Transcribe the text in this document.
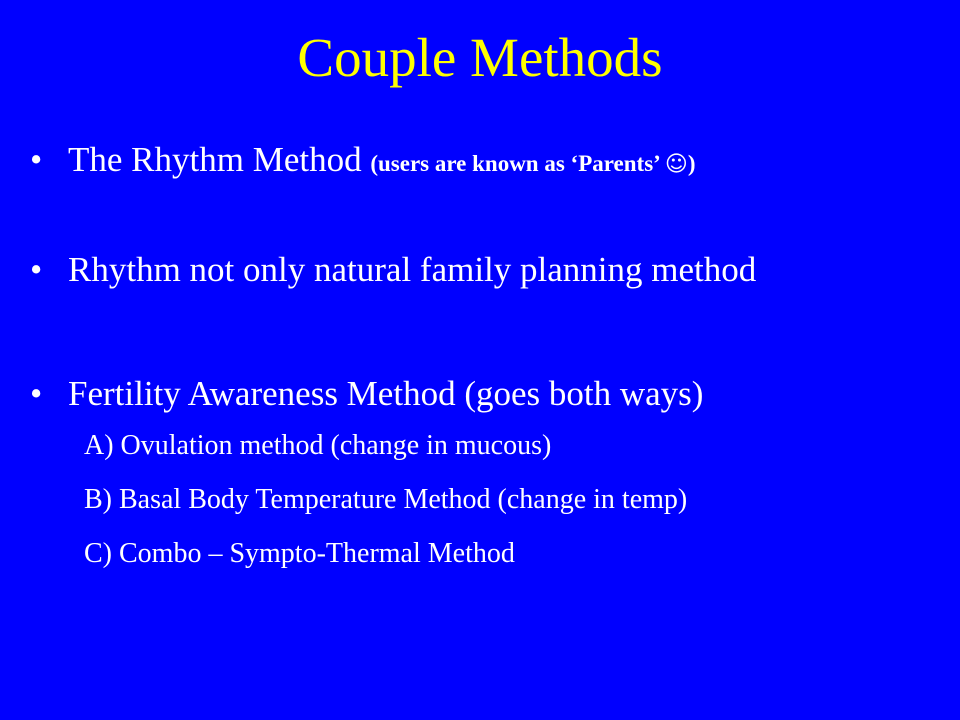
Couple Methods
• The Rhythm Method (users are known as ‘Parents’ ☺)
• Rhythm not only natural family planning method
• Fertility Awareness Method (goes both ways)
A) Ovulation method (change in mucous)
B) Basal Body Temperature Method (change in temp)
C) Combo – Sympto-Thermal Method
